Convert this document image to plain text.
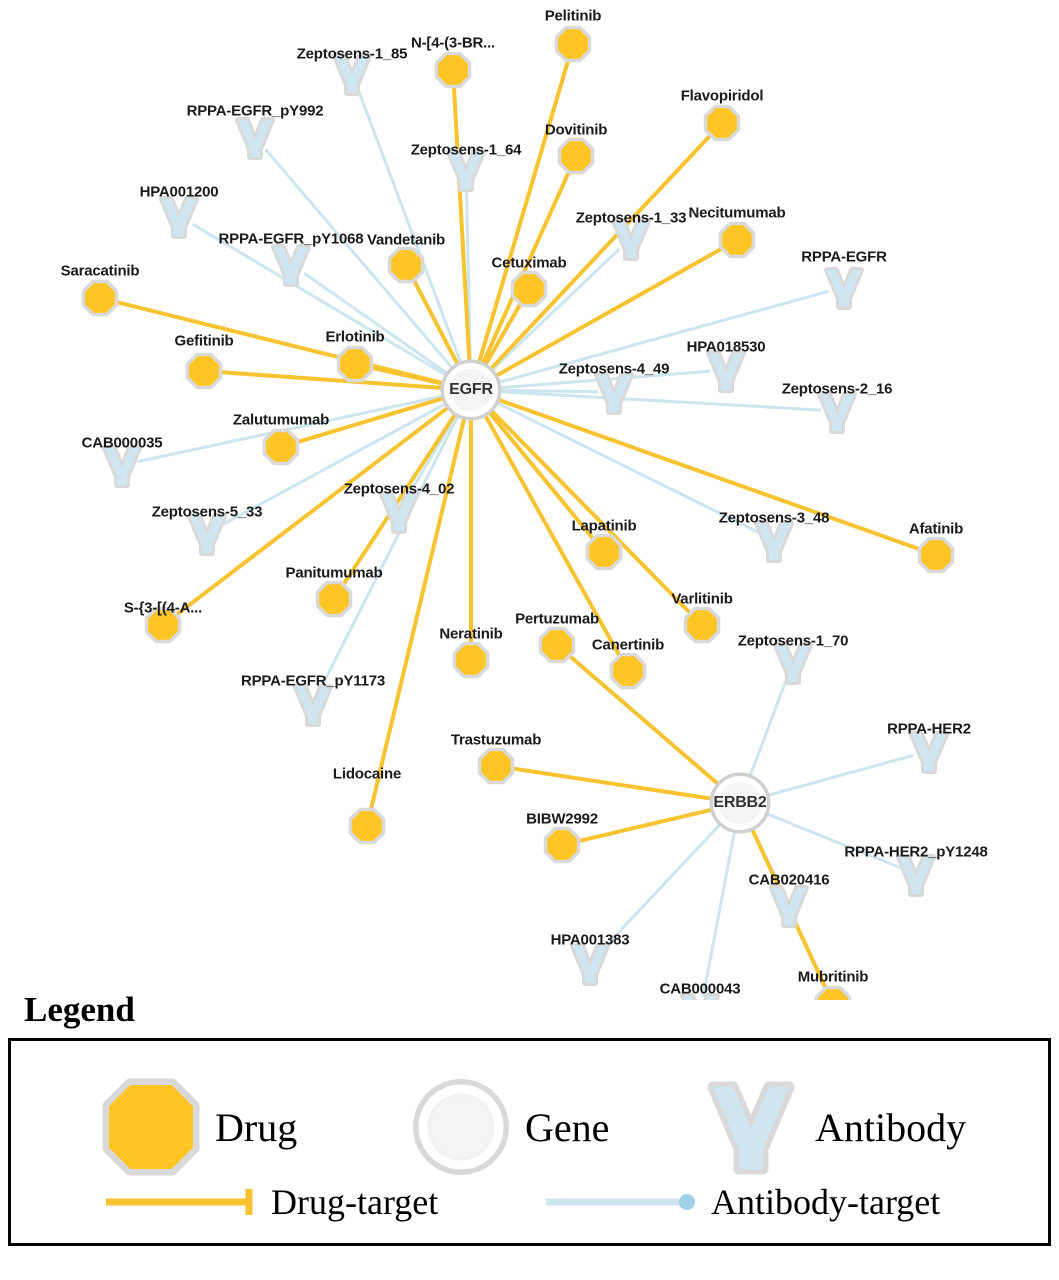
Zeptosens-1_85
RPPA-EGFR_pY992
Zeptosens-1_64
HPA001200
Zeptosens-1_33
RPPA-EGFR_pY1068
RPPA-EGFR
HPA018530
Zeptosens-4_49
Zeptosens-2_16
CAB000035
Zeptosens-4_02
Zeptosens-5_33	Zeptosens-3_48
Zeptosens-1_70
RPPA-EGFR_pY1173
RPPA-HER2
RPPA-HER2_pY1248
CAB020416
HPA001383
CAB000043
Pelitinib
N-[4-(3-BR...
Flavopiridol
Dovitinib
Necitumumab
Vandetanib
Cetuximab
Saracatinib
Erlotinib
Gefitinib
Zalutumumab
Afatinib
Lapatinib
Panitumumab
S-{3-[(4-A...
Varlitinib
Pertuzumab
Neratinib
Canertinib
Trastuzumab
Lidocaine
BIBW2992
Mubritinib
EGFR
ERBB2
Legend
Drug	Gene	Antibody
Drug-target	Antibody-target
